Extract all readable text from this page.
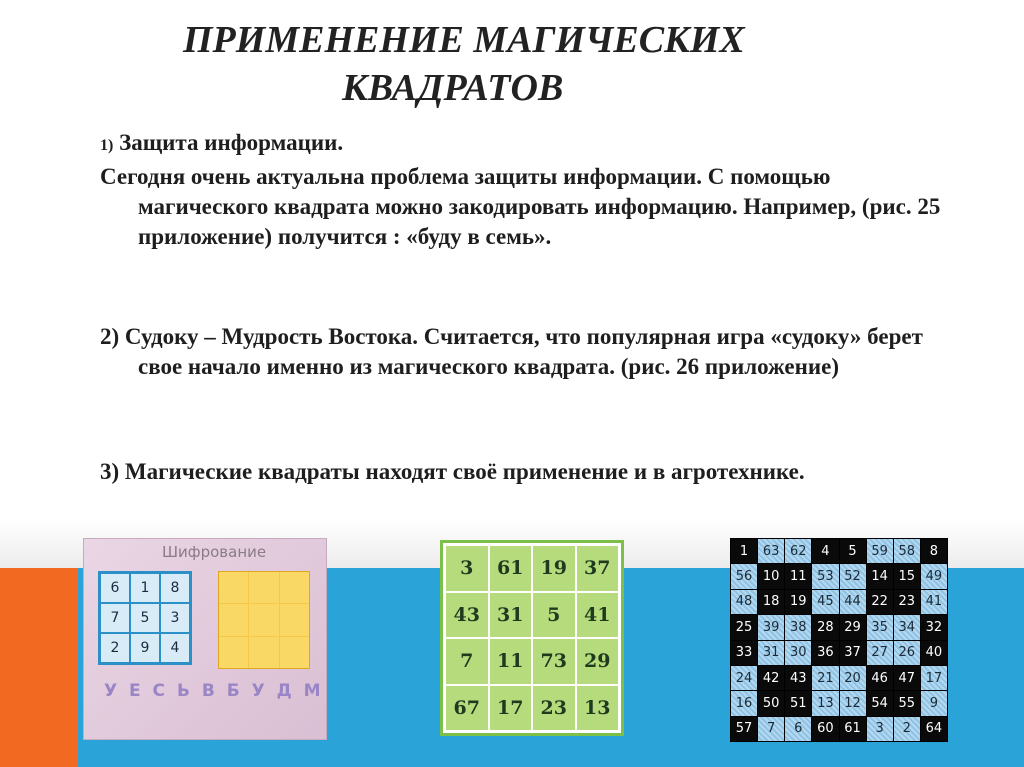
ПРИМЕНЕНИЕ МАГИЧЕСКИХ
КВАДРАТОВ
1) Защита информации.
Сегодня очень актуальна проблема защиты информации. С помощью магического квадрата можно закодировать информацию. Например, (рис. 25 приложение) получится : «буду в семь».
2) Судоку – Мудрость Востока. Считается, что популярная игра «судоку» берет свое начало именно из магического квадрата. (рис. 26 приложение)
3) Магические квадраты находят своё применение и в агротехнике.
Шифрование
6	1	8
7	5	3
2	9	4
У Е С Ь В Б У Д М
3	61 19 37
43 31	5	41
7	11 73 29
67 17 23 13
1	63 62	4	5	59 58	8
56 10 11 53 52 14 15 49
48 18 19 45 44 22 23 41
25 39 38 28 29 35 34 32
33 31 30 36 37 27 26 40
24 42 43 21 20 46 47 17
16 50 51 13 12 54 55	9
57	7	6	60 61	3	2	64
